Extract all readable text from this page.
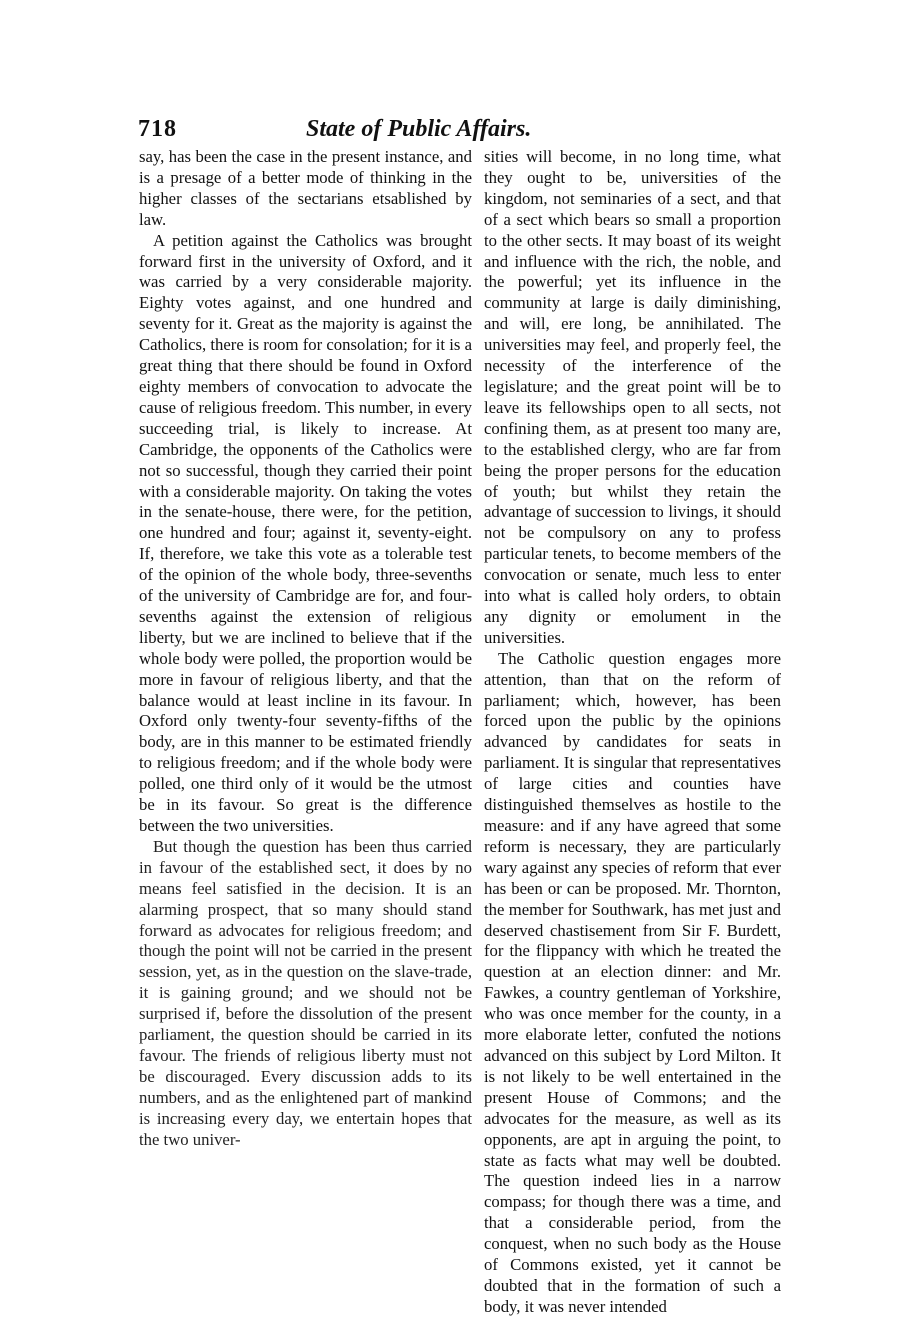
718	State of Public Affairs.

say, has been the case in the present instance, and is a presage of a better mode of thinking in the higher classes of the sectarians etsablished by law.

A petition against the Catholics was brought forward first in the university of Oxford, and it was carried by a very considerable majority. Eighty votes against, and one hundred and seventy for it. Great as the majority is against the Catholics, there is room for consolation; for it is a great thing that there should be found in Oxford eighty members of convocation to advocate the cause of religious freedom. This number, in every succeeding trial, is likely to increase. At Cambridge, the opponents of the Catholics were not so successful, though they carried their point with a considerable majority. On taking the votes in the senate-house, there were, for the petition, one hundred and four; against it, seventy-eight. If, therefore, we take this vote as a tolerable test of the opinion of the whole body, three-sevenths of the university of Cambridge are for, and four-sevenths against the extension of religious liberty, but we are inclined to believe that if the whole body were polled, the proportion would be more in favour of religious liberty, and that the balance would at least incline in its favour. In Oxford only twenty-four seventy-fifths of the body, are in this manner to be estimated friendly to religious freedom; and if the whole body were polled, one third only of it would be the utmost be in its favour. So great is the difference between the two universities.

But though the question has been thus carried in favour of the established sect, it does by no means feel satisfied in the decision. It is an alarming prospect, that so many should stand forward as advocates for religious freedom; and though the point will not be carried in the present session, yet, as in the question on the slave-trade, it is gaining ground; and we should not be surprised if, before the dissolution of the present parliament, the question should be carried in its favour. The friends of religious liberty must not be discouraged. Every discussion adds to its numbers, and as the enlightened part of mankind is increasing every day, we entertain hopes that the two univer-

sities will become, in no long time, what they ought to be, universities of the kingdom, not seminaries of a sect, and that of a sect which bears so small a proportion to the other sects. It may boast of its weight and influence with the rich, the noble, and the powerful; yet its influence in the community at large is daily diminishing, and will, ere long, be annihilated. The universities may feel, and properly feel, the necessity of the interference of the legislature; and the great point will be to leave its fellowships open to all sects, not confining them, as at present too many are, to the established clergy, who are far from being the proper persons for the education of youth; but whilst they retain the advantage of succession to livings, it should not be compulsory on any to profess particular tenets, to become members of the convocation or senate, much less to enter into what is called holy orders, to obtain any dignity or emolument in the universities.

The Catholic question engages more attention, than that on the reform of parliament; which, however, has been forced upon the public by the opinions advanced by candidates for seats in parliament. It is singular that representatives of large cities and counties have distinguished themselves as hostile to the measure: and if any have agreed that some reform is necessary, they are particularly wary against any species of reform that ever has been or can be proposed. Mr. Thornton, the member for Southwark, has met just and deserved chastisement from Sir F. Burdett, for the flippancy with which he treated the question at an election dinner: and Mr. Fawkes, a country gentleman of Yorkshire, who was once member for the county, in a more elaborate letter, confuted the notions advanced on this subject by Lord Milton. It is not likely to be well entertained in the present House of Commons; and the advocates for the measure, as well as its opponents, are apt in arguing the point, to state as facts what may well be doubted. The question indeed lies in a narrow compass; for though there was a time, and that a considerable period, from the conquest, when no such body as the House of Commons existed, yet it cannot be doubted that in the formation of such a body, it was never intended
